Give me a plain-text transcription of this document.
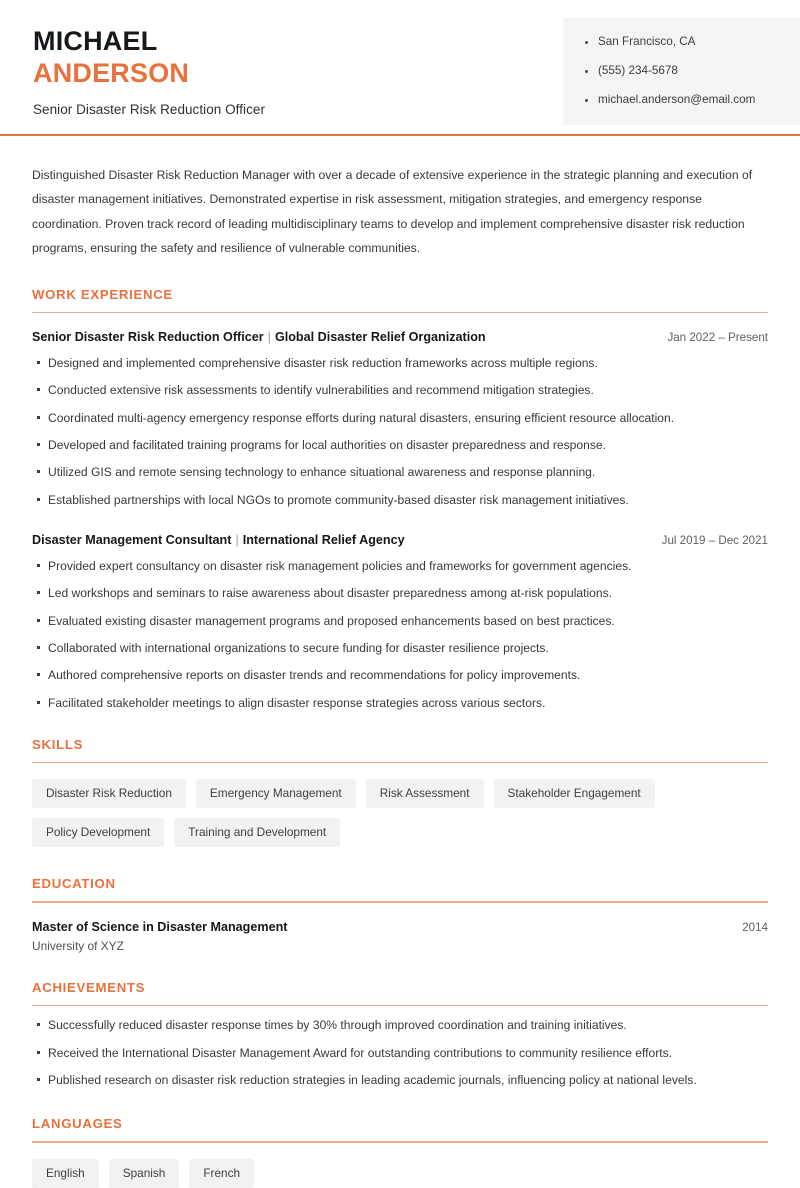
MICHAEL
ANDERSON
Senior Disaster Risk Reduction Officer
San Francisco, CA
(555) 234-5678
michael.anderson@email.com
Distinguished Disaster Risk Reduction Manager with over a decade of extensive experience in the strategic planning and execution of disaster management initiatives. Demonstrated expertise in risk assessment, mitigation strategies, and emergency response coordination. Proven track record of leading multidisciplinary teams to develop and implement comprehensive disaster risk reduction programs, ensuring the safety and resilience of vulnerable communities.
WORK EXPERIENCE
Senior Disaster Risk Reduction Officer | Global Disaster Relief Organization	Jan 2022 – Present
Designed and implemented comprehensive disaster risk reduction frameworks across multiple regions.
Conducted extensive risk assessments to identify vulnerabilities and recommend mitigation strategies.
Coordinated multi-agency emergency response efforts during natural disasters, ensuring efficient resource allocation.
Developed and facilitated training programs for local authorities on disaster preparedness and response.
Utilized GIS and remote sensing technology to enhance situational awareness and response planning.
Established partnerships with local NGOs to promote community-based disaster risk management initiatives.
Disaster Management Consultant | International Relief Agency	Jul 2019 – Dec 2021
Provided expert consultancy on disaster risk management policies and frameworks for government agencies.
Led workshops and seminars to raise awareness about disaster preparedness among at-risk populations.
Evaluated existing disaster management programs and proposed enhancements based on best practices.
Collaborated with international organizations to secure funding for disaster resilience projects.
Authored comprehensive reports on disaster trends and recommendations for policy improvements.
Facilitated stakeholder meetings to align disaster response strategies across various sectors.
SKILLS
Disaster Risk Reduction	Emergency Management	Risk Assessment	Stakeholder Engagement
Policy Development	Training and Development
EDUCATION
Master of Science in Disaster Management	2014
University of XYZ
ACHIEVEMENTS
Successfully reduced disaster response times by 30% through improved coordination and training initiatives.
Received the International Disaster Management Award for outstanding contributions to community resilience efforts.
Published research on disaster risk reduction strategies in leading academic journals, influencing policy at national levels.
LANGUAGES
English	Spanish	French
